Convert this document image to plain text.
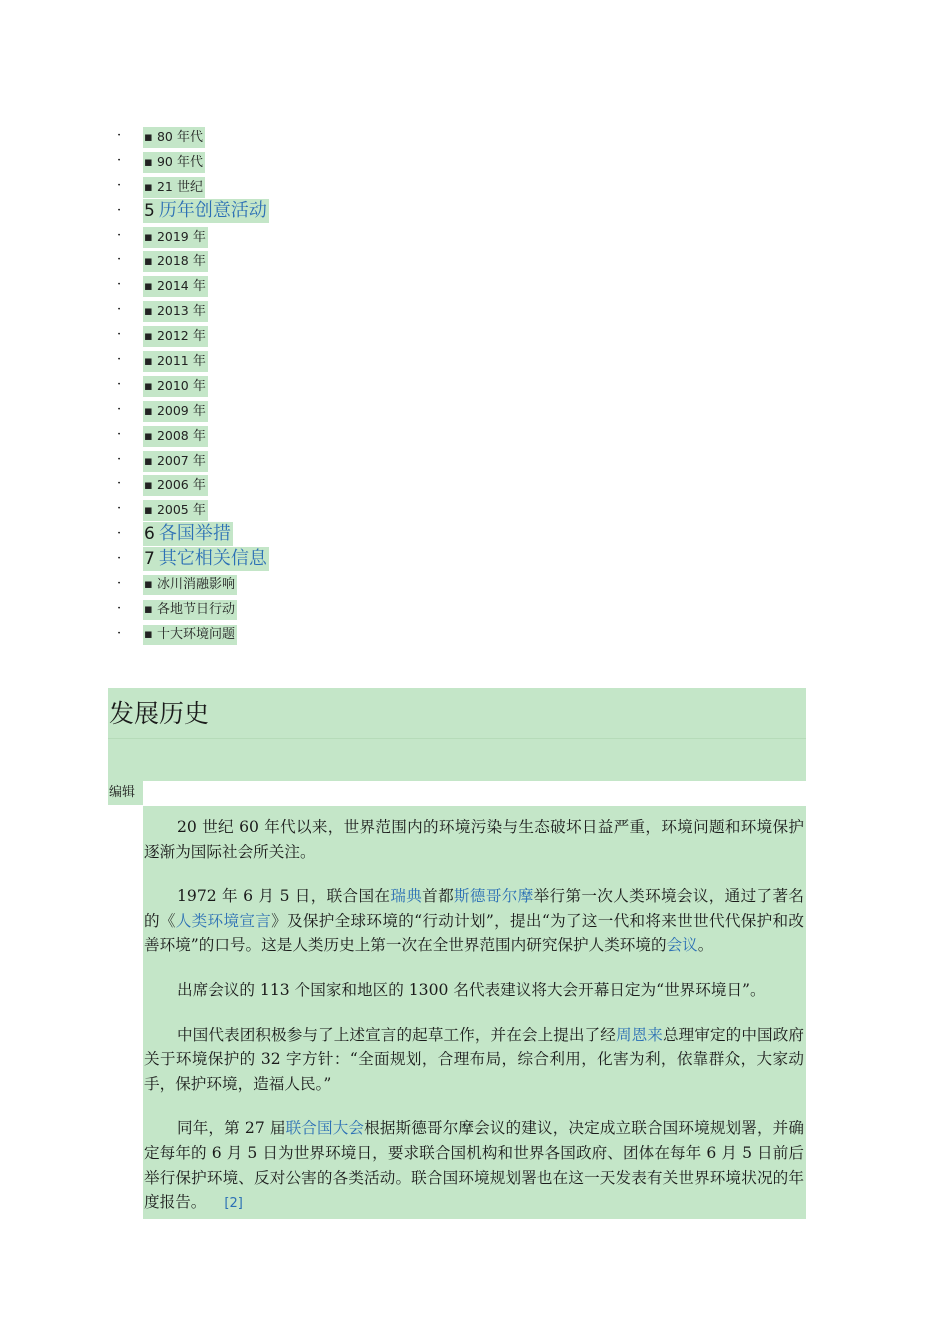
· ▪ 80 年代
· ▪ 90 年代
· ▪ 21 世纪
· 5 历年创意活动
· ▪ 2019 年
· ▪ 2018 年
· ▪ 2014 年
· ▪ 2013 年
· ▪ 2012 年
· ▪ 2011 年
· ▪ 2010 年
· ▪ 2009 年
· ▪ 2008 年
· ▪ 2007 年
· ▪ 2006 年
· ▪ 2005 年
· 6 各国举措
· 7 其它相关信息
· ▪ 冰川消融影响
· ▪ 各地节日行动
· ▪ 十大环境问题
发展历史
编辑

20 世纪 60 年代以来，世界范围内的环境污染与生态破坏日益严重，环境问题和环境保护逐渐为国际社会所关注。

1972 年 6 月 5 日，联合国在瑞典首都斯德哥尔摩举行第一次人类环境会议，通过了著名的《人类环境宣言》及保护全球环境的“行动计划”，提出“为了这一代和将来世世代代保护和改善环境”的口号。这是人类历史上第一次在全世界范围内研究保护人类环境的会议。

出席会议的 113 个国家和地区的 1300 名代表建议将大会开幕日定为“世界环境日”。

中国代表团积极参与了上述宣言的起草工作，并在会上提出了经周恩来总理审定的中国政府关于环境保护的 32 字方针：“全面规划，合理布局，综合利用，化害为利，依靠群众，大家动手，保护环境，造福人民。”

同年，第 27 届联合国大会根据斯德哥尔摩会议的建议，决定成立联合国环境规划署，并确定每年的 6 月 5 日为世界环境日，要求联合国机构和世界各国政府、团体在每年 6 月 5 日前后举行保护环境、反对公害的各类活动。联合国环境规划署也在这一天发表有关世界环境状况的年度报告。 [2]
